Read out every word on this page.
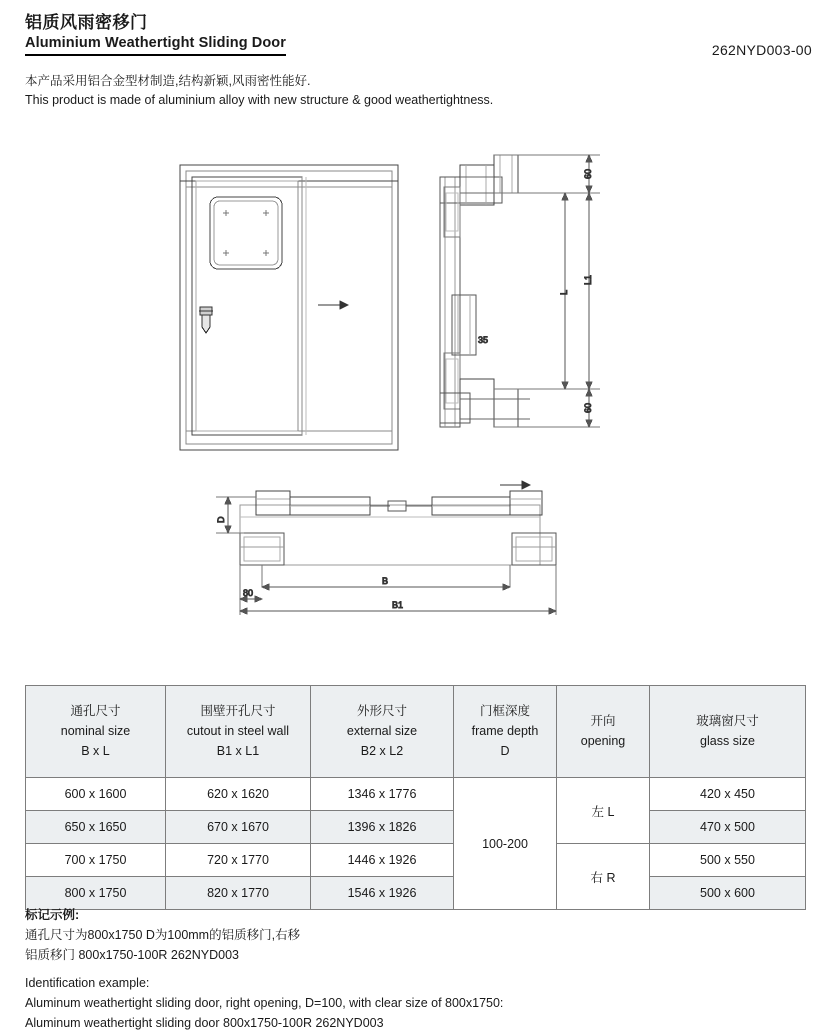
铝质风雨密移门
Aluminium Weathertight Sliding Door	262NYD003-00
本产品采用铝合金型材制造,结构新颖,风雨密性能好.
This product is made of aluminium alloy with new structure & good weathertightness.
60
L
L1
60
35
D
80
B
B1
通孔尺寸
nominal size
B x L

围壁开孔尺寸
cutout in steel wall
B1 x L1

外形尺寸
external size
B2 x L2

门框深度
frame depth
D

开向
opening

玻璃窗尺寸
glass size

600 x 1600	620 x 1620	1346 x 1776	100-200	左 L	420 x 450
650 x 1650	670 x 1670	1396 x 1826			470 x 500
700 x 1750	720 x 1770	1446 x 1926		右 R	500 x 550
800 x 1750	820 x 1770	1546 x 1926			500 x 600
标记示例:
通孔尺寸为800x1750 D为100mm的铝质移门,右移
铝质移门 800x1750-100R 262NYD003
Identification example:
Aluminum weathertight sliding door, right opening, D=100, with clear size of 800x1750:
Aluminum weathertight sliding door 800x1750-100R 262NYD003
